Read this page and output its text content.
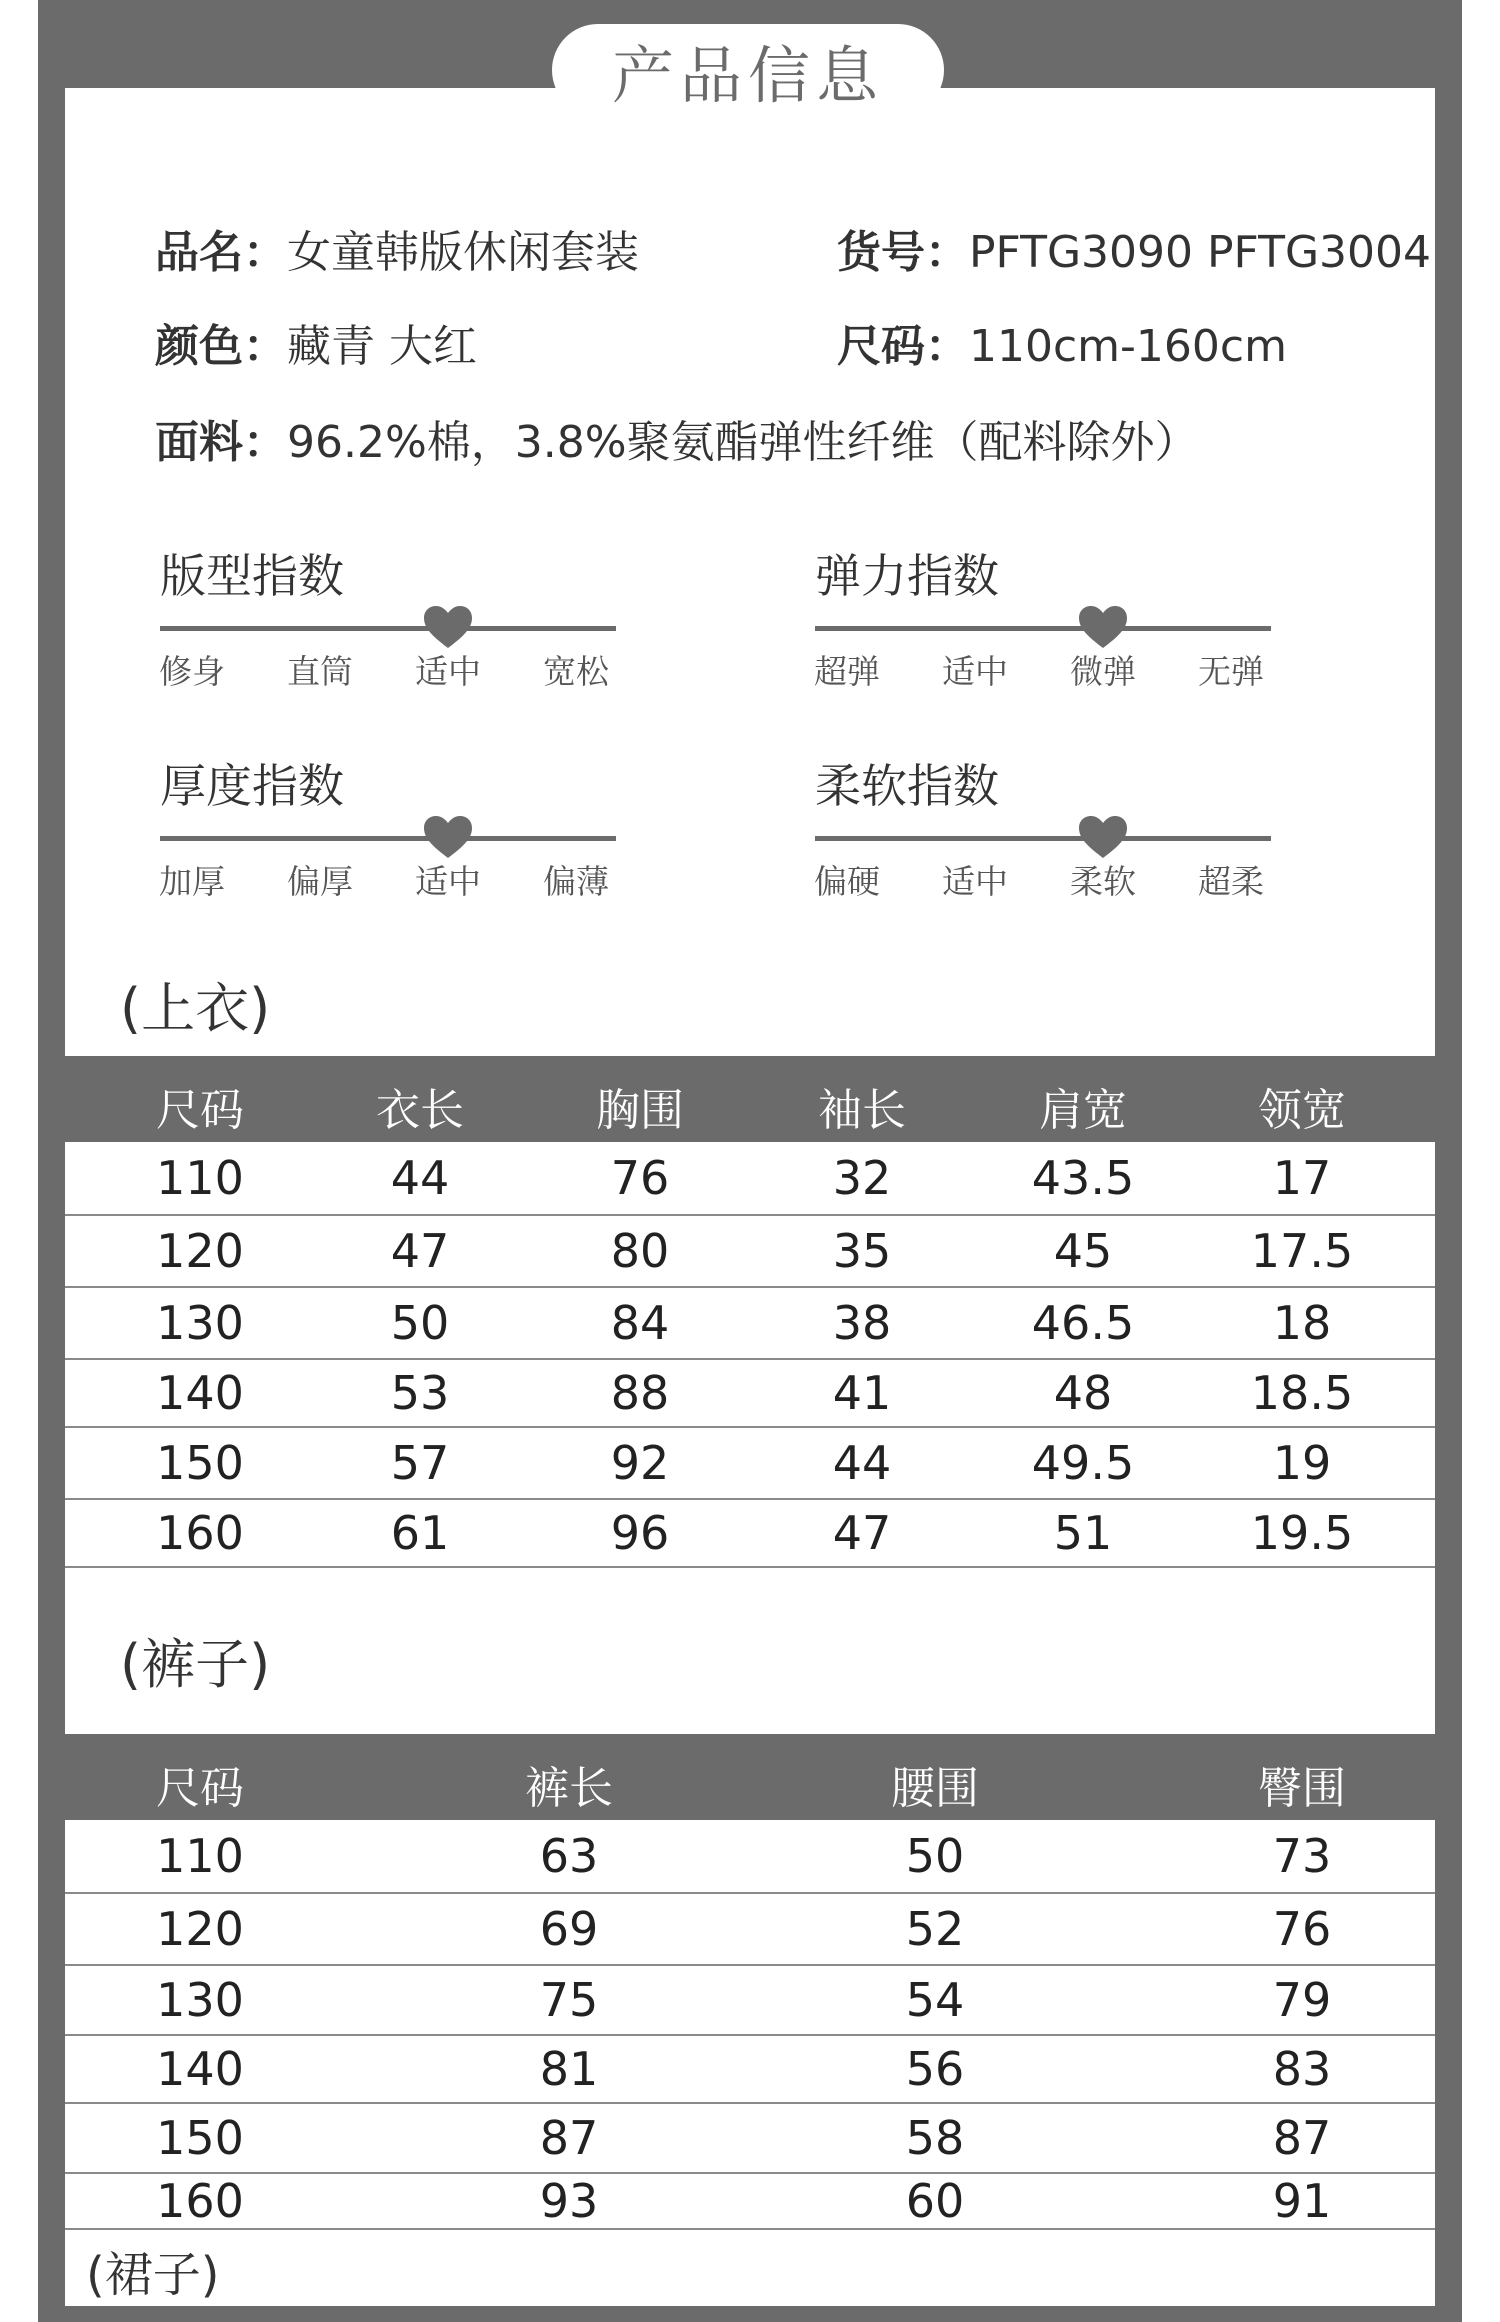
产品信息
品名：女童韩版休闲套装	货号：PFTG3090 PFTG3004
颜色：藏青 大红	尺码：110cm-160cm
面料：96.2%棉，3.8%聚氨酯弹性纤维（配料除外）
版型指数
修身 直筒 适中 宽松
弹力指数
超弹 适中 微弹 无弹
厚度指数
加厚 偏厚 适中 偏薄
柔软指数
偏硬 适中 柔软 超柔
(上衣)
尺码	衣长	胸围	袖长	肩宽	领宽
110	44	76	32	43.5	17
120	47	80	35	45	17.5
130	50	84	38	46.5	18
140	53	88	41	48	18.5
150	57	92	44	49.5	19
160	61	96	47	51	19.5
(裤子)
尺码	裤长	腰围	臀围
110	63	50	73
120	69	52	76
130	75	54	79
140	81	56	83
150	87	58	87
160	93	60	91
(裙子)
